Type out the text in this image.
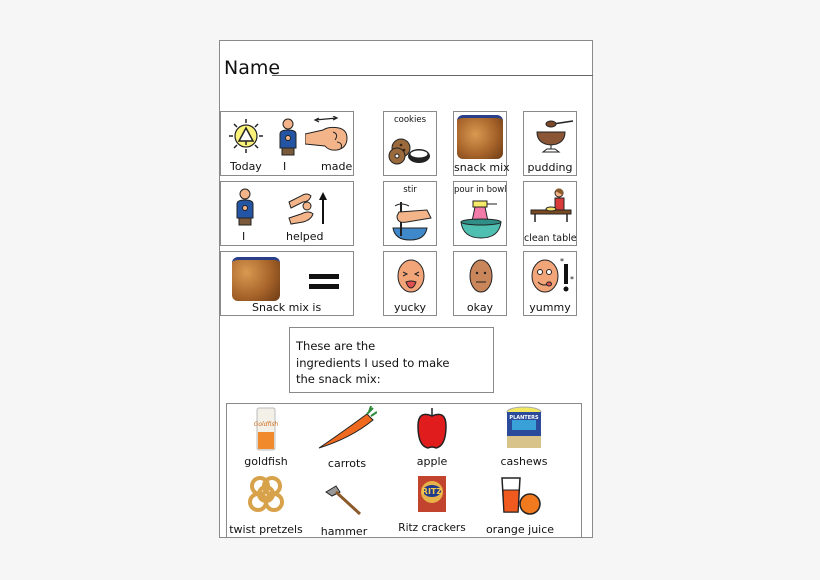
Name
Today I	made
I	helped
Snack mix is
cookies
snack mix	pudding
stir	pour in bowl
clean table
yucky	okay
*
*
yummy
These are the
ingredients I used to make
the snack mix:
Goldfish
goldfish	carrots	apple
PLANTERS
cashews
twist pretzels	hammer
RITZ
Ritz crackers	orange juice
